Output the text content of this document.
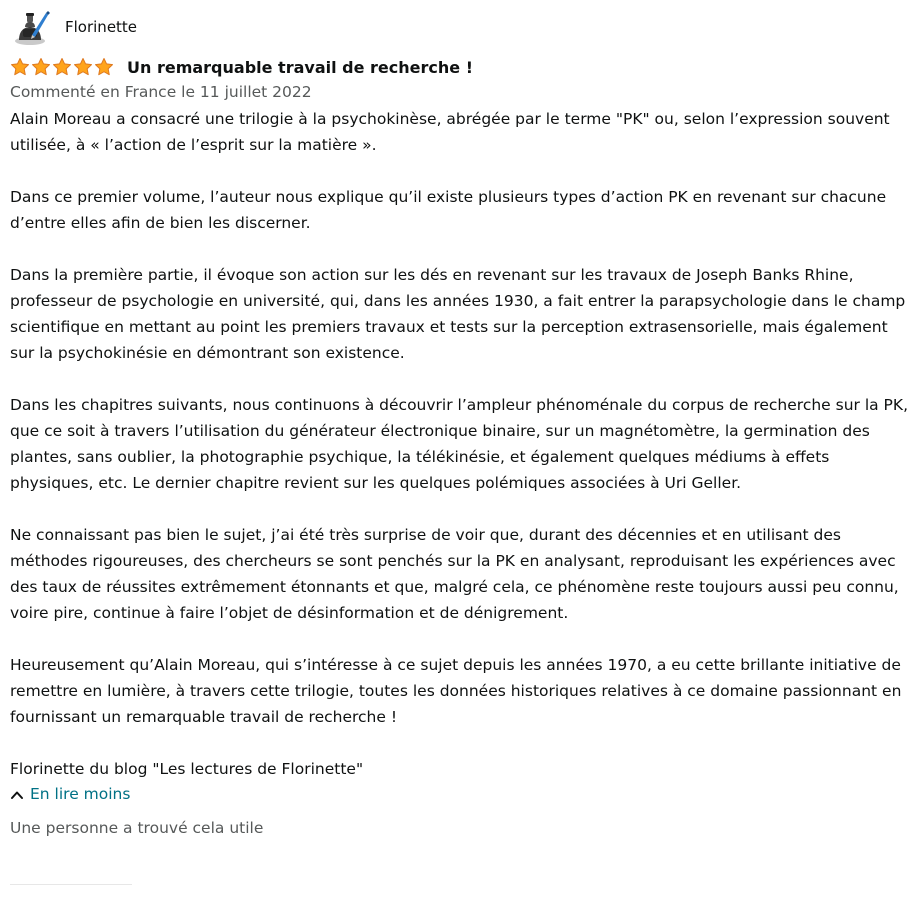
Florinette
Un remarquable travail de recherche !
Commenté en France le 11 juillet 2022

Alain Moreau a consacré une trilogie à la psychokinèse, abrégée par le terme "PK" ou, selon l’expression souvent utilisée, à « l’action de l’esprit sur la matière ».

Dans ce premier volume, l’auteur nous explique qu’il existe plusieurs types d’action PK en revenant sur chacune d’entre elles afin de bien les discerner.

Dans la première partie, il évoque son action sur les dés en revenant sur les travaux de Joseph Banks Rhine, professeur de psychologie en université, qui, dans les années 1930, a fait entrer la parapsychologie dans le champ scientifique en mettant au point les premiers travaux et tests sur la perception extrasensorielle, mais également sur la psychokinésie en démontrant son existence.

Dans les chapitres suivants, nous continuons à découvrir l’ampleur phénoménale du corpus de recherche sur la PK, que ce soit à travers l’utilisation du générateur électronique binaire, sur un magnétomètre, la germination des plantes, sans oublier, la photographie psychique, la télékinésie, et également quelques médiums à effets physiques, etc. Le dernier chapitre revient sur les quelques polémiques associées à Uri Geller.

Ne connaissant pas bien le sujet, j’ai été très surprise de voir que, durant des décennies et en utilisant des méthodes rigoureuses, des chercheurs se sont penchés sur la PK en analysant, reproduisant les expériences avec des taux de réussites extrêmement étonnants et que, malgré cela, ce phénomène reste toujours aussi peu connu, voire pire, continue à faire l’objet de désinformation et de dénigrement.

Heureusement qu’Alain Moreau, qui s’intéresse à ce sujet depuis les années 1970, a eu cette brillante initiative de remettre en lumière, à travers cette trilogie, toutes les données historiques relatives à ce domaine passionnant en fournissant un remarquable travail de recherche !

Florinette du blog "Les lectures de Florinette"

En lire moins
Une personne a trouvé cela utile
